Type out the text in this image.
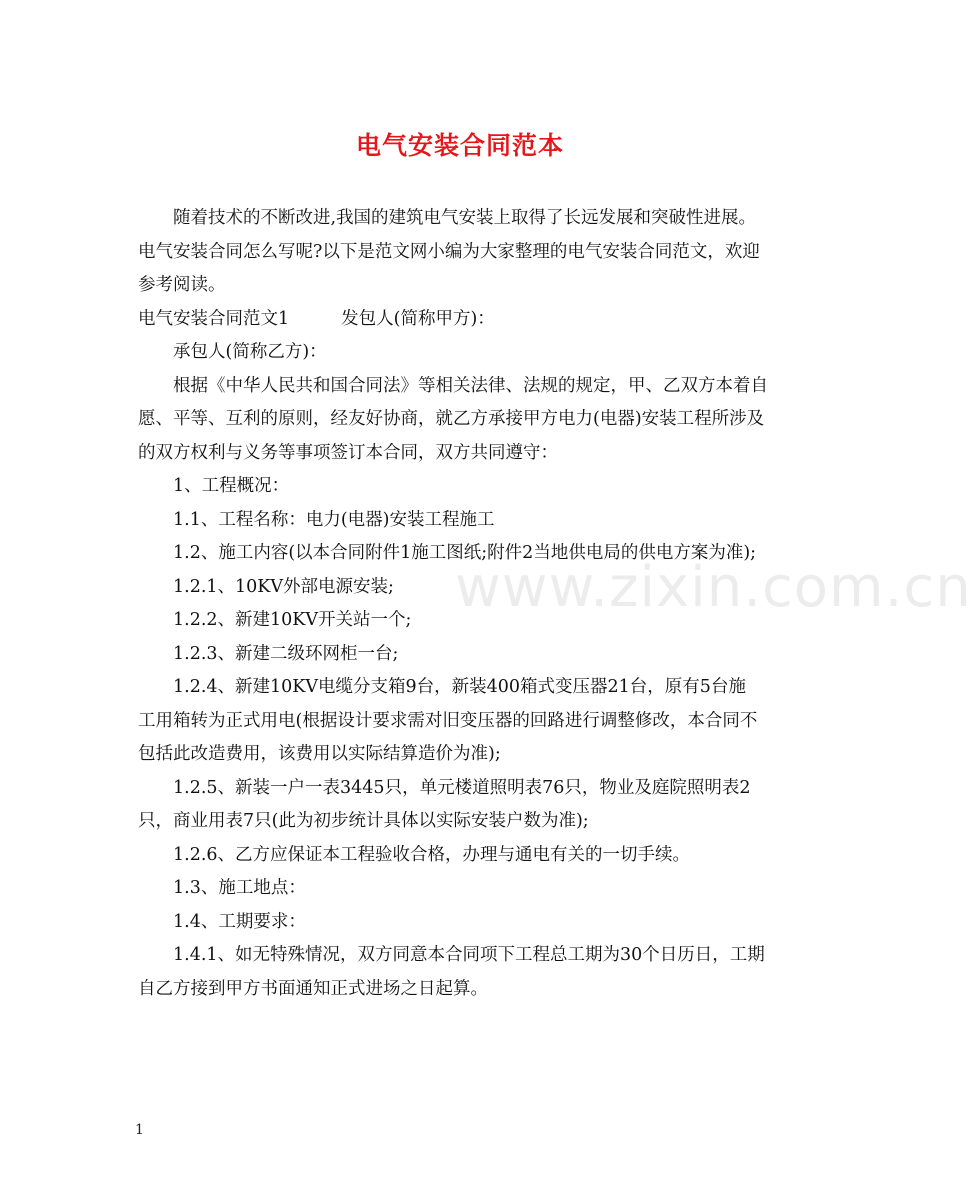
电气安装合同范本

随着技术的不断改进,我国的建筑电气安装上取得了长远发展和突破性进展。

电气安装合同怎么写呢?以下是范文网小编为大家整理的电气安装合同范文，欢迎

参考阅读。

电气安装合同范文1	发包人(简称甲方)：

承包人(简称乙方)：

根据《中华人民共和国合同法》等相关法律、法规的规定，甲、乙双方本着自

愿、平等、互利的原则，经友好协商，就乙方承接甲方电力(电器)安装工程所涉及

的双方权利与义务等事项签订本合同，双方共同遵守：

1、工程概况：

1.1、工程名称：电力(电器)安装工程施工

1.2、施工内容(以本合同附件1施工图纸;附件2当地供电局的供电方案为准);

1.2.1、10KV外部电源安装;

1.2.2、新建10KV开关站一个;

1.2.3、新建二级环网柜一台;

1.2.4、新建10KV电缆分支箱9台，新装400箱式变压器21台，原有5台施

工用箱转为正式用电(根据设计要求需对旧变压器的回路进行调整修改，本合同不

包括此改造费用，该费用以实际结算造价为准);

1.2.5、新装一户一表3445只，单元楼道照明表76只，物业及庭院照明表2

只，商业用表7只(此为初步统计具体以实际安装户数为准);

1.2.6、乙方应保证本工程验收合格，办理与通电有关的一切手续。

1.3、施工地点：

1.4、工期要求：

1.4.1、如无特殊情况，双方同意本合同项下工程总工期为30个日历日，工期

自乙方接到甲方书面通知正式进场之日起算。

www.zixin.com.cn
1
